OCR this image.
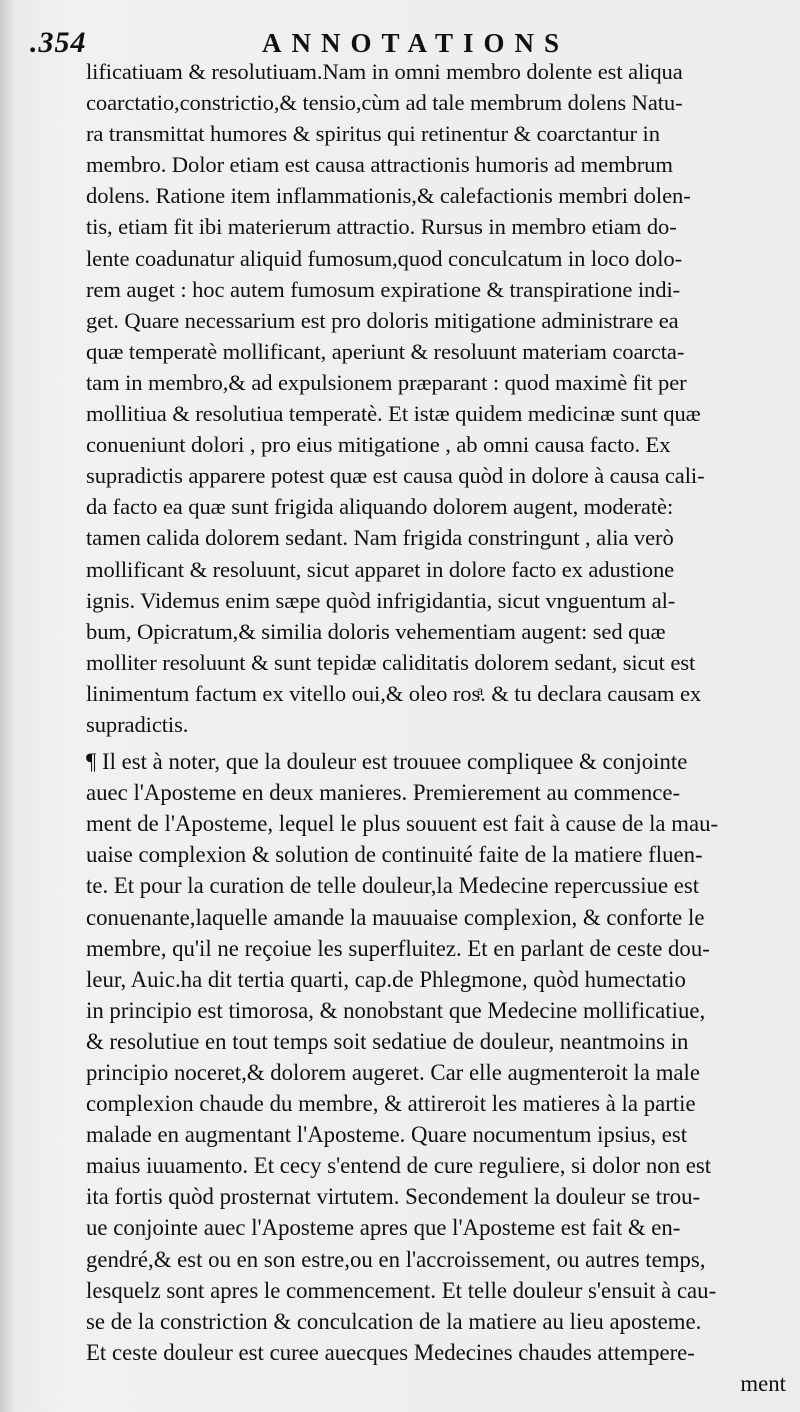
.354	ANNOTATIONS
lificatiuam & resolutiuam.Nam in omni membro dolente est aliqua
coarctatio,constrictio,& tensio,cùm ad tale membrum dolens Natu-
ra transmittat humores & spiritus qui retinentur & coarctantur in
membro. Dolor etiam est causa attractionis humoris ad membrum
dolens. Ratione item inflammationis,& calefactionis membri dolen-
tis, etiam fit ibi materierum attractio. Rursus in membro etiam do-
lente coadunatur aliquid fumosum,quod conculcatum in loco dolo-
rem auget : hoc autem fumosum expiratione & transpiratione indi-
get. Quare necessarium est pro doloris mitigatione administrare ea
quæ temperatè mollificant, aperiunt & resoluunt materiam coarcta-
tam in membro,& ad expulsionem præparant : quod maximè fit per
mollitiua & resolutiua temperatè. Et istæ quidem medicinæ sunt quæ
conueniunt dolori , pro eius mitigatione , ab omni causa facto. Ex
supradictis apparere potest quæ est causa quòd in dolore à causa cali-
da facto ea quæ sunt frigida aliquando dolorem augent, moderatè:
tamen calida dolorem sedant. Nam frigida constringunt , alia verò
mollificant & resoluunt, sicut apparet in dolore facto ex adustione
ignis. Videmus enim sæpe quòd infrigidantia, sicut vnguentum al-
bum, Opicratum,& similia doloris vehementiam augent: sed quæ
molliter resoluunt & sunt tepidæ caliditatis dolorem sedant, sicut est
linimentum factum ex vitello oui,& oleo rosͣ. & tu declara causam ex
supradictis.
¶ Il est à noter, que la douleur est trouuee compliquee & conjointe
auec l'Aposteme en deux manieres. Premierement au commence-
ment de l'Aposteme, lequel le plus souuent est fait à cause de la mau-
uaise complexion & solution de continuité faite de la matiere fluen-
te. Et pour la curation de telle douleur,la Medecine repercussiue est
conuenante,laquelle amande la mauuaise complexion, & conforte le
membre, qu'il ne reçoiue les superfluitez. Et en parlant de ceste dou-
leur, Auic.ha dit tertia quarti, cap.de Phlegmone, quòd humectatio
in principio est timorosa, & nonobstant que Medecine mollificatiue,
& resolutiue en tout temps soit sedatiue de douleur, neantmoins in
principio noceret,& dolorem augeret. Car elle augmenteroit la male
complexion chaude du membre, & attireroit les matieres à la partie
malade en augmentant l'Aposteme. Quare nocumentum ipsius, est
maius iuuamento. Et cecy s'entend de cure reguliere, si dolor non est
ita fortis quòd prosternat virtutem. Secondement la douleur se trou-
ue conjointe auec l'Aposteme apres que l'Aposteme est fait & en-
gendré,& est ou en son estre,ou en l'accroissement, ou autres temps,
lesquelz sont apres le commencement. Et telle douleur s'ensuit à cau-
se de la constriction & conculcation de la matiere au lieu aposteme.
Et ceste douleur est curee auecques Medecines chaudes attempere-
ment
